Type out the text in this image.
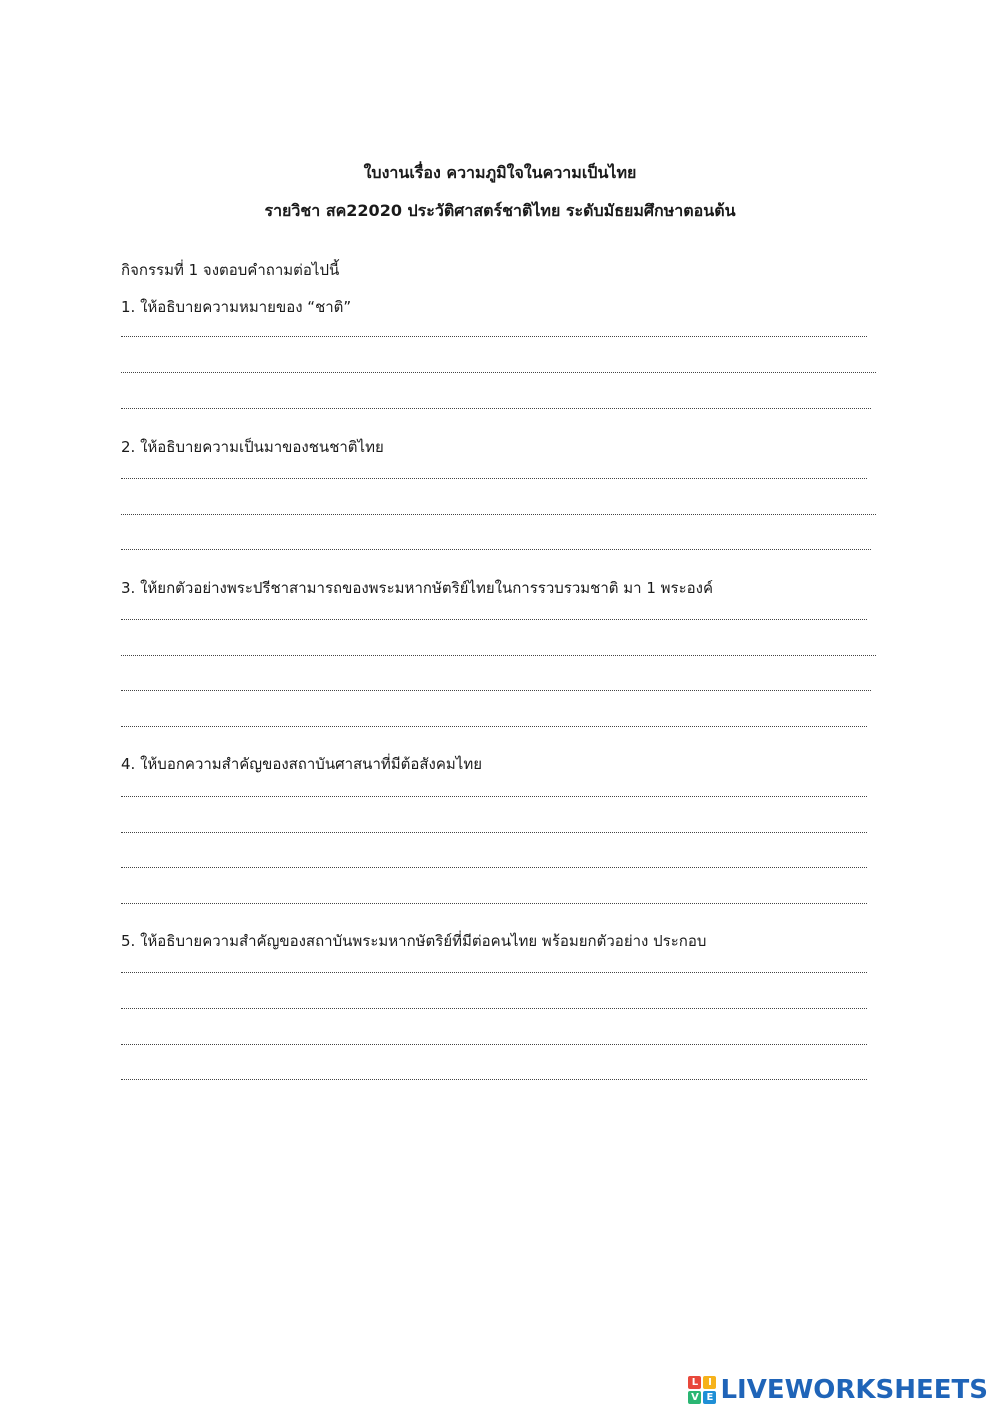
ใบงานเรื่อง ความภูมิใจในความเป็นไทย
รายวิชา สค22020 ประวัติศาสตร์ชาติไทย ระดับมัธยมศึกษาตอนต้น

กิจกรรมที่ 1 จงตอบคำถามต่อไปนี้

1. ให้อธิบายความหมายของ “ชาติ”

2. ให้อธิบายความเป็นมาของชนชาติไทย

3. ให้ยกตัวอย่างพระปรีชาสามารถของพระมหากษัตริย์ไทยในการรวบรวมชาติ มา 1 พระองค์

4. ให้บอกความสำคัญของสถาบันศาสนาที่มีต้อสังคมไทย

5. ให้อธิบายความสำคัญของสถาบันพระมหากษัตริย์ที่มีต่อคนไทย พร้อมยกตัวอย่าง ประกอบ

L I
V E LIVEWORKSHEETS
